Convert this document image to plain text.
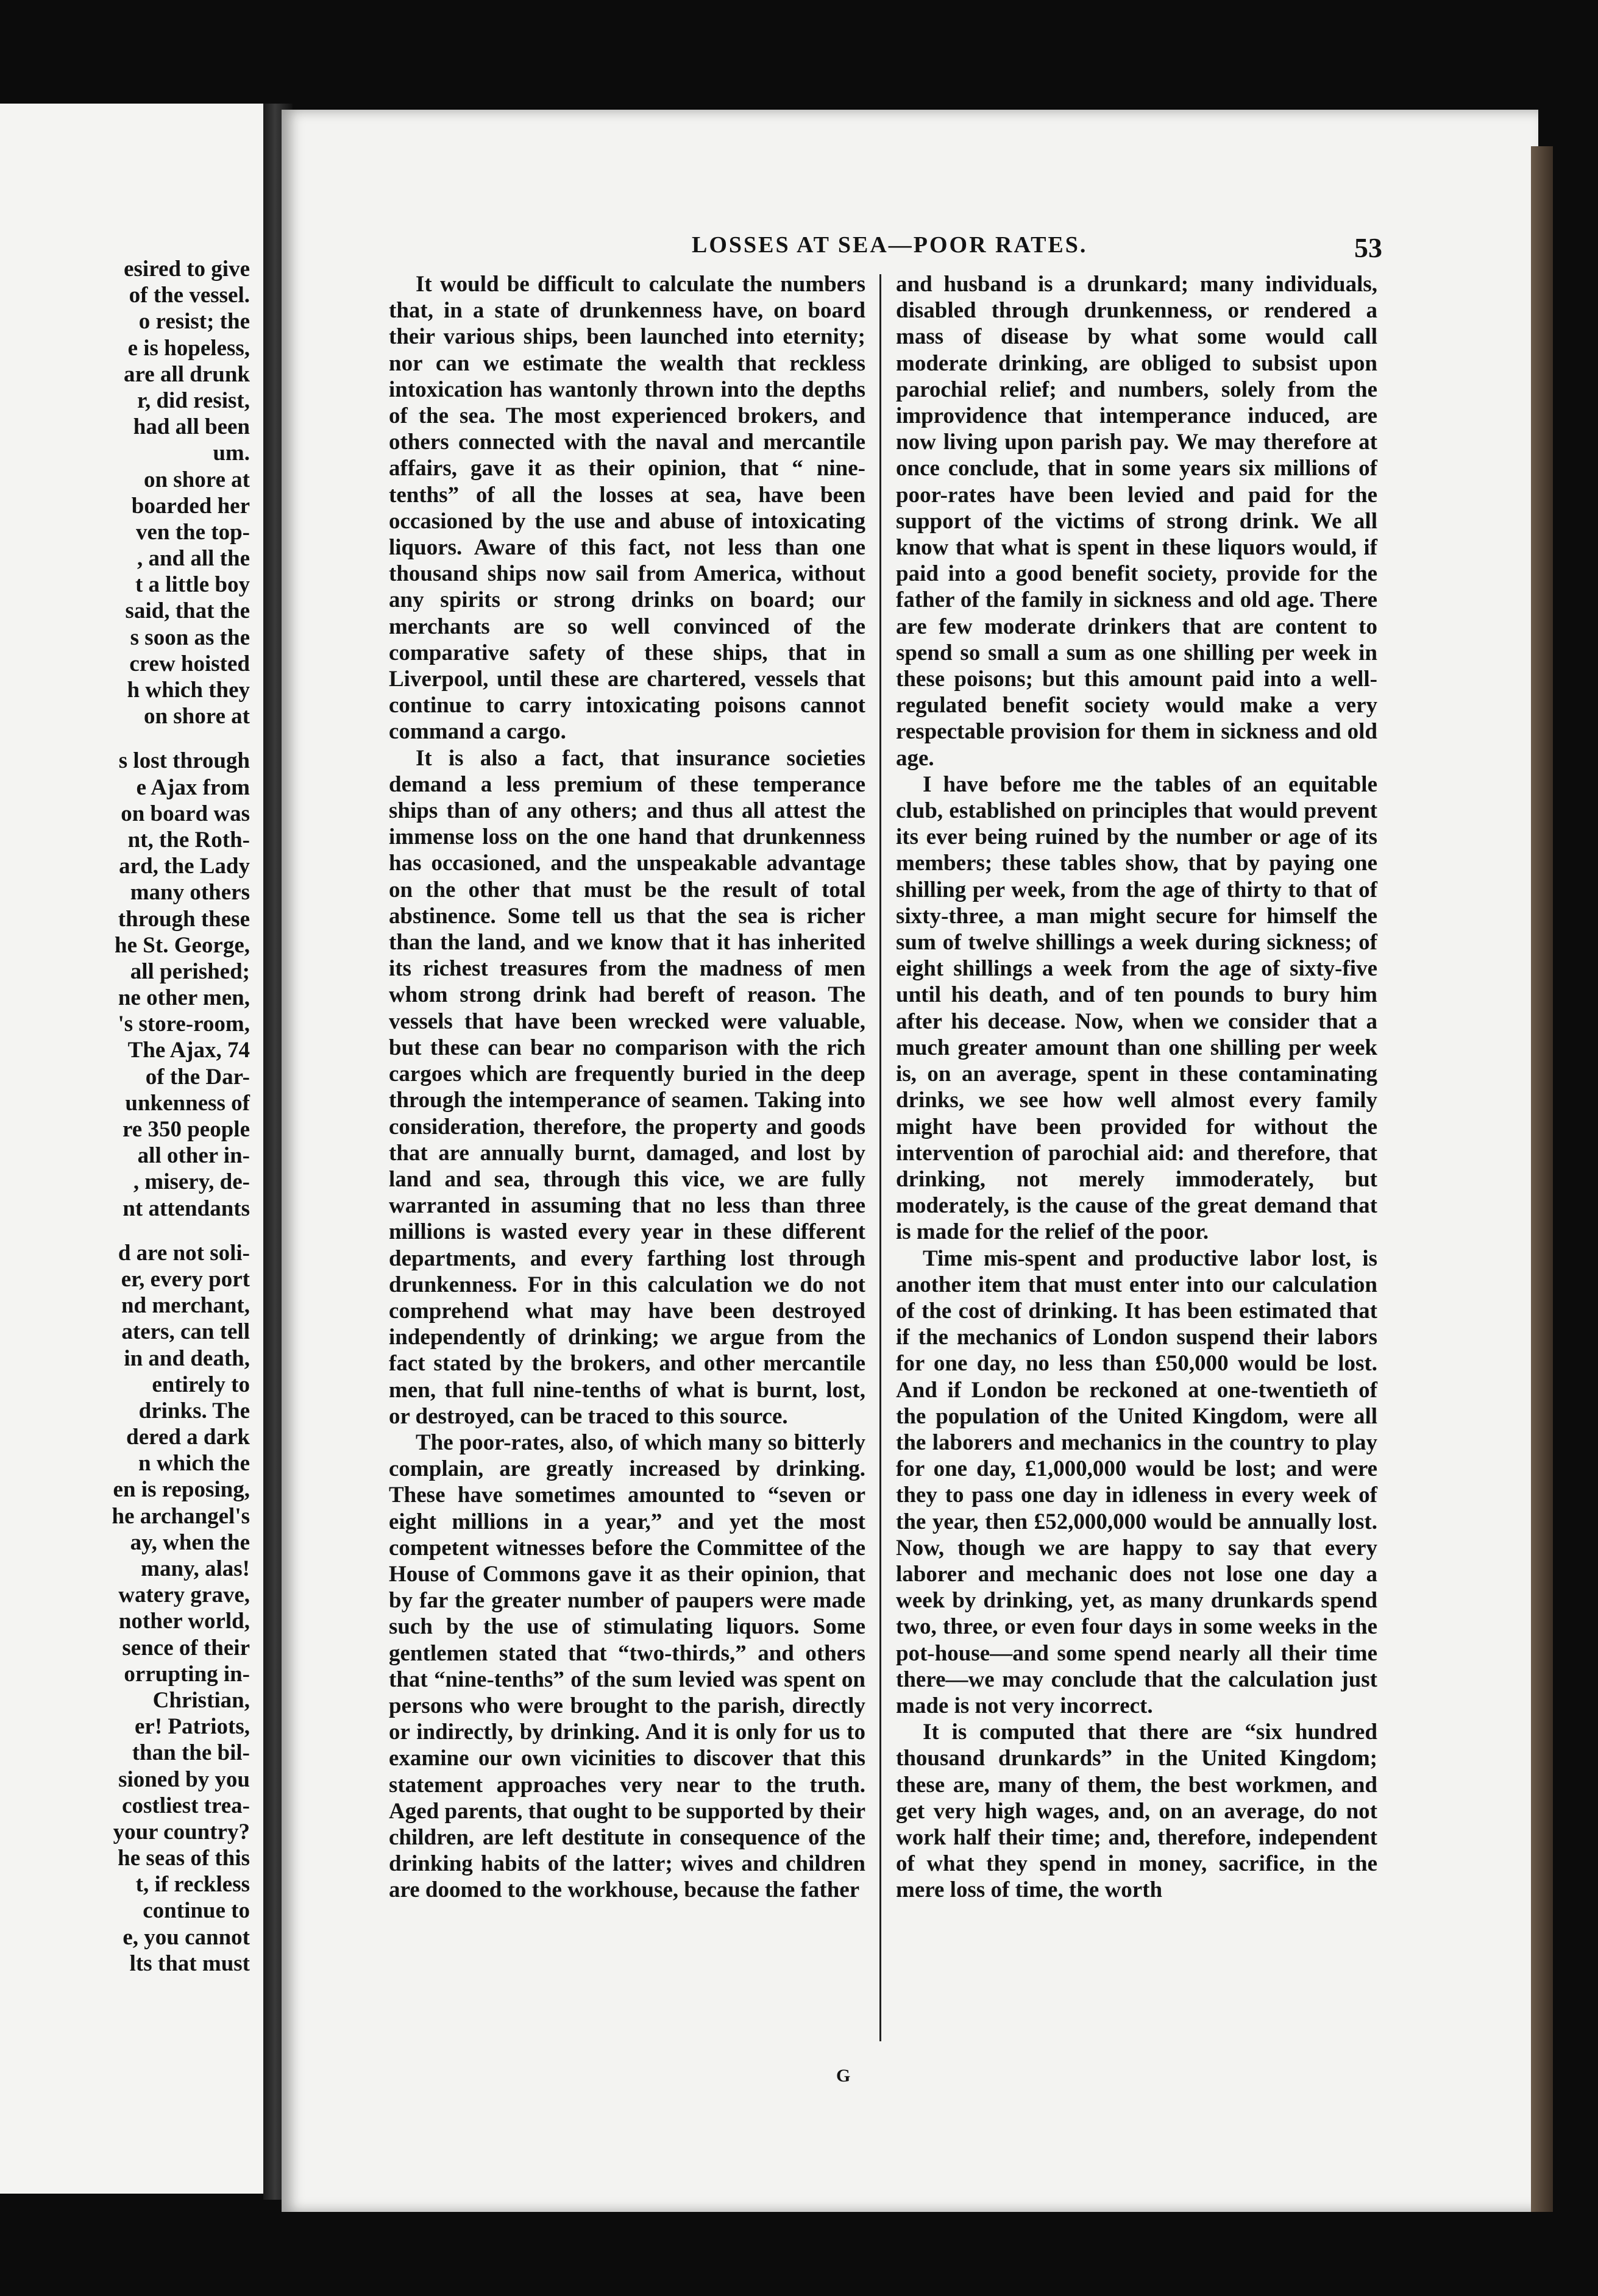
esired to give
of the vessel.
o resist; the
e is hopeless,
are all drunk
r, did resist,
had all been
um.
on shore at
boarded her
ven the top-
, and all the
t a little boy
said, that the
s soon as the
crew hoisted
h which they
on shore at
s lost through
e Ajax from
on board was
nt, the Roth-
ard, the Lady
many others
through these
he St. George,
all perished;
ne other men,
's store-room,
The Ajax, 74
of the Dar-
unkenness of
re 350 people
all other in-
, misery, de-
nt attendants
d are not soli-
er, every port
nd merchant,
aters, can tell
in and death,
entirely to
drinks. The
dered a dark
n which the
en is reposing,
he archangel's
ay, when the
many, alas!
watery grave,
nother world,
sence of their
orrupting in-
Christian,
er! Patriots,
than the bil-
sioned by you
costliest trea-
your country?
he seas of this
t, if reckless
continue to
e, you cannot
lts that must
LOSSES AT SEA—POOR RATES.	53

It would be difficult to calculate the numbers that, in a state of drunkenness have, on board their various ships, been launched into eternity; nor can we estimate the wealth that reckless intoxication has wantonly thrown into the depths of the sea. The most experienced brokers, and others connected with the naval and mercantile affairs, gave it as their opinion, that “ nine-tenths” of all the losses at sea, have been occasioned by the use and abuse of intoxicating liquors. Aware of this fact, not less than one thousand ships now sail from America, without any spirits or strong drinks on board; our merchants are so well convinced of the comparative safety of these ships, that in Liverpool, until these are chartered, vessels that continue to carry intoxicating poisons cannot command a cargo.

It is also a fact, that insurance societies demand a less premium of these temperance ships than of any others; and thus all attest the immense loss on the one hand that drunkenness has occasioned, and the unspeakable advantage on the other that must be the result of total abstinence. Some tell us that the sea is richer than the land, and we know that it has inherited its richest treasures from the madness of men whom strong drink had bereft of reason. The vessels that have been wrecked were valuable, but these can bear no comparison with the rich cargoes which are frequently buried in the deep through the intemperance of seamen. Taking into consideration, therefore, the property and goods that are annually burnt, damaged, and lost by land and sea, through this vice, we are fully warranted in assuming that no less than three millions is wasted every year in these different departments, and every farthing lost through drunkenness. For in this calculation we do not comprehend what may have been destroyed independently of drinking; we argue from the fact stated by the brokers, and other mercantile men, that full nine-tenths of what is burnt, lost, or destroyed, can be traced to this source.

The poor-rates, also, of which many so bitterly complain, are greatly increased by drinking. These have sometimes amounted to “seven or eight millions in a year,” and yet the most competent witnesses before the Committee of the House of Commons gave it as their opinion, that by far the greater number of paupers were made such by the use of stimulating liquors. Some gentlemen stated that “two-thirds,” and others that “nine-tenths” of the sum levied was spent on persons who were brought to the parish, directly or indirectly, by drinking. And it is only for us to examine our own vicinities to discover that this statement approaches very near to the truth. Aged parents, that ought to be supported by their children, are left destitute in consequence of the drinking habits of the latter; wives and children are doomed to the workhouse, because the father

and husband is a drunkard; many individuals, disabled through drunkenness, or rendered a mass of disease by what some would call moderate drinking, are obliged to subsist upon parochial relief; and numbers, solely from the improvidence that intemperance induced, are now living upon parish pay. We may therefore at once conclude, that in some years six millions of poor-rates have been levied and paid for the support of the victims of strong drink. We all know that what is spent in these liquors would, if paid into a good benefit society, provide for the father of the family in sickness and old age. There are few moderate drinkers that are content to spend so small a sum as one shilling per week in these poisons; but this amount paid into a well-regulated benefit society would make a very respectable provision for them in sickness and old age.

I have before me the tables of an equitable club, established on principles that would prevent its ever being ruined by the number or age of its members; these tables show, that by paying one shilling per week, from the age of thirty to that of sixty-three, a man might secure for himself the sum of twelve shillings a week during sickness; of eight shillings a week from the age of sixty-five until his death, and of ten pounds to bury him after his decease. Now, when we consider that a much greater amount than one shilling per week is, on an average, spent in these contaminating drinks, we see how well almost every family might have been provided for without the intervention of parochial aid: and therefore, that drinking, not merely immoderately, but moderately, is the cause of the great demand that is made for the relief of the poor.

Time mis-spent and productive labor lost, is another item that must enter into our calculation of the cost of drinking. It has been estimated that if the mechanics of London suspend their labors for one day, no less than £50,000 would be lost. And if London be reckoned at one-twentieth of the population of the United Kingdom, were all the laborers and mechanics in the country to play for one day, £1,000,000 would be lost; and were they to pass one day in idleness in every week of the year, then £52,000,000 would be annually lost. Now, though we are happy to say that every laborer and mechanic does not lose one day a week by drinking, yet, as many drunkards spend two, three, or even four days in some weeks in the pot-house—and some spend nearly all their time there—we may conclude that the calculation just made is not very incorrect.

It is computed that there are “six hundred thousand drunkards” in the United Kingdom; these are, many of them, the best workmen, and get very high wages, and, on an average, do not work half their time; and, therefore, independent of what they spend in money, sacrifice, in the mere loss of time, the worth

G
